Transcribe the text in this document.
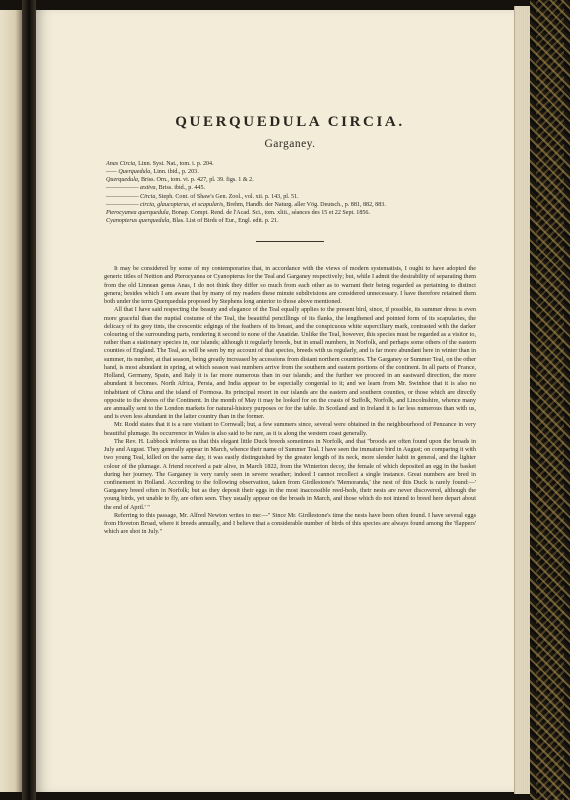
QUERQUEDULA CIRCIA.
Garganey.
Anas Circia, Linn. Syst. Nat., tom. i. p. 204.
—— Querquedula, Linn. ibid., p. 203.
Querquedula, Briss. Orn., tom. vi. p. 427, pl. 39. figs. 1 & 2.
—————— æstiva, Briss. ibid., p. 445.
—————— Circia, Steph. Cont. of Shaw's Gen. Zool., vol. xii. p. 143, pl. 51.
—————— circia, glaucopterus, et scapularis, Brehm, Handb. der Naturg. aller Vög. Deutsch., p. 881, 882, 883.
Pterocyanea querquedula, Bonap. Compt. Rend. de l'Acad. Sci., tom. xliii., séances des 15 et 22 Sept. 1856.
Cyanopterus querquedula, Blas. List of Birds of Eur., Engl. edit. p. 21.

It may be considered by some of my contemporaries that, in accordance with the views of modern systematists, I ought to have adopted the generic titles of Nettion and Pterocyanea or Cyanopterus for the Teal and Garganey respectively; but, while I admit the desirability of separating them from the old Linnean genus Anas, I do not think they differ so much from each other as to warrant their being regarded as pertaining to distinct genera; besides which I am aware that by many of my readers these minute subdivisions are considered unnecessary. I have therefore retained them both under the term Querquedula proposed by Stephens long anterior to those above mentioned.

All that I have said respecting the beauty and elegance of the Teal equally applies to the present bird, since, if possible, its summer dress is even more graceful than the nuptial costume of the Teal, the beautiful pencillings of its flanks, the lengthened and pointed form of its scapularies, the delicacy of its grey tints, the crescentic edgings of the feathers of its breast, and the conspicuous white superciliary mark, contrasted with the darker colouring of the surrounding parts, rendering it second to none of the Anatidæ. Unlike the Teal, however, this species must be regarded as a visitor to, rather than a stationary species in, our islands; although it regularly breeds, but in small numbers, in Norfolk, and perhaps some others of the eastern counties of England. The Teal, as will be seen by my account of that species, breeds with us regularly, and is far more abundant here in winter than in summer, its number, at that season, being greatly increased by accessions from distant northern countries. The Garganey or Summer Teal, on the other hand, is most abundant in spring, at which season vast numbers arrive from the southern and eastern portions of the continent. In all parts of France, Holland, Germany, Spain, and Italy it is far more numerous than in our islands; and the further we proceed in an eastward direction, the more abundant it becomes. North Africa, Persia, and India appear to be especially congenial to it; and we learn from Mr. Swinhoe that it is also no inhabitant of China and the island of Formosa. Its principal resort in our islands are the eastern and southern counties, or those which are directly opposite to the shores of the Continent. In the month of May it may be looked for on the coasts of Suffolk, Norfolk, and Lincolnshire, whence many are annually sent to the London markets for natural-history purposes or for the table. In Scotland and in Ireland it is far less numerous than with us, and is even less abundant in the latter country than in the former.

Mr. Rodd states that it is a rare visitant to Cornwall; but, a few summers since, several were obtained in the neighbourhood of Penzance in very beautiful plumage. Its occurrence in Wales is also said to be rare, as it is along the western coast generally.

The Rev. H. Lubbock informs us that this elegant little Duck breeds sometimes in Norfolk, and that "broods are often found upon the broads in July and August. They generally appear in March, whence their name of Summer Teal. I have seen the immature bird in August; on comparing it with two young Teal, killed on the same day, it was easily distinguished by the greater length of its neck, more slender habit in general, and the lighter colour of the plumage. A friend received a pair alive, in March 1822, from the Winterton decoy, the female of which deposited an egg in the basket during her journey. The Garganey is very rarely seen in severe weather; indeed I cannot recollect a single instance. Great numbers are bred in confinement in Holland. According to the following observation, taken from Girdlestone's 'Memoranda,' the nest of this Duck is rarely found:—' Garganey breed often in Norfolk; but as they deposit their eggs in the most inaccessible reed-beds, their nests are never discovered, although the young birds, yet unable to fly, are often seen. They usually appear on the broads in March, and those which do not intend to breed here depart about the end of April.' "

Referring to this passage, Mr. Alfred Newton writes to me:—" Since Mr. Girdlestone's time the nests have been often found. I have several eggs from Hoveton Broad, where it breeds annually, and I believe that a considerable number of birds of this species are always found among the 'flappers' which are shot in July."
